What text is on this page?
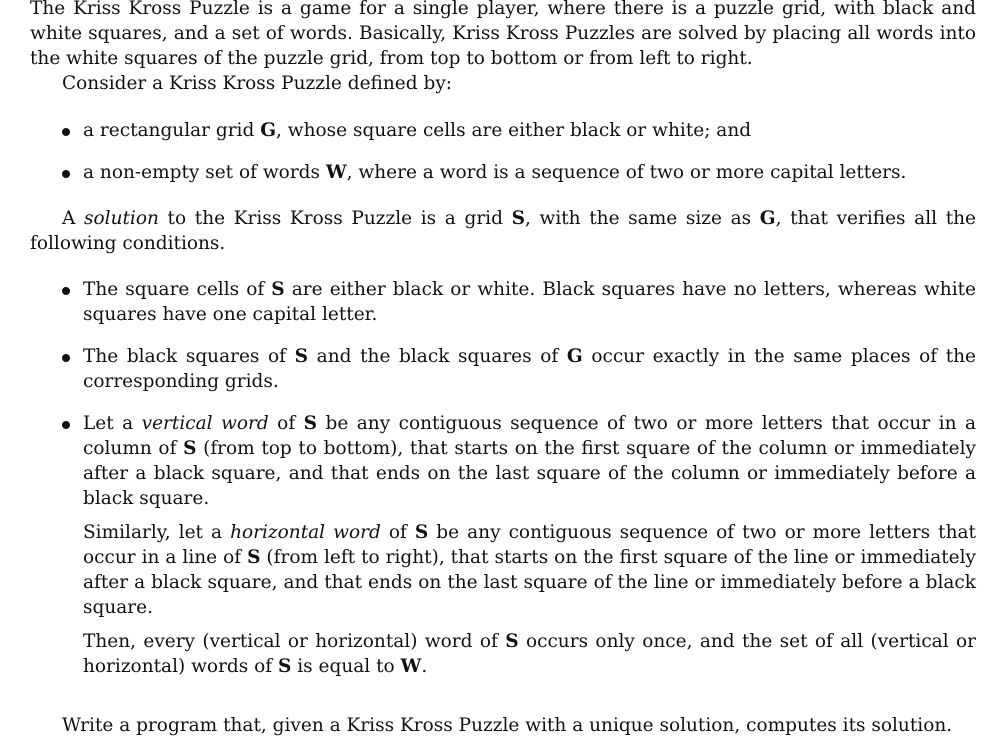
The Kriss Kross Puzzle is a game for a single player, where there is a puzzle grid, with black and white squares, and a set of words. Basically, Kriss Kross Puzzles are solved by placing all words into the white squares of the puzzle grid, from top to bottom or from left to right.

Consider a Kriss Kross Puzzle defined by:

a rectangular grid G, whose square cells are either black or white; and
a non-empty set of words W, where a word is a sequence of two or more capital letters.

A solution to the Kriss Kross Puzzle is a grid S, with the same size as G, that verifies all the following conditions.

The square cells of S are either black or white. Black squares have no letters, whereas white squares have one capital letter.
The black squares of S and the black squares of G occur exactly in the same places of the corresponding grids.
Let a vertical word of S be any contiguous sequence of two or more letters that occur in a column of S (from top to bottom), that starts on the first square of the column or immediately after a black square, and that ends on the last square of the column or immediately before a black square.

Similarly, let a horizontal word of S be any contiguous sequence of two or more letters that occur in a line of S (from left to right), that starts on the first square of the line or immediately after a black square, and that ends on the last square of the line or immediately before a black square.

Then, every (vertical or horizontal) word of S occurs only once, and the set of all (vertical or horizontal) words of S is equal to W.

Write a program that, given a Kriss Kross Puzzle with a unique solution, computes its solution.
